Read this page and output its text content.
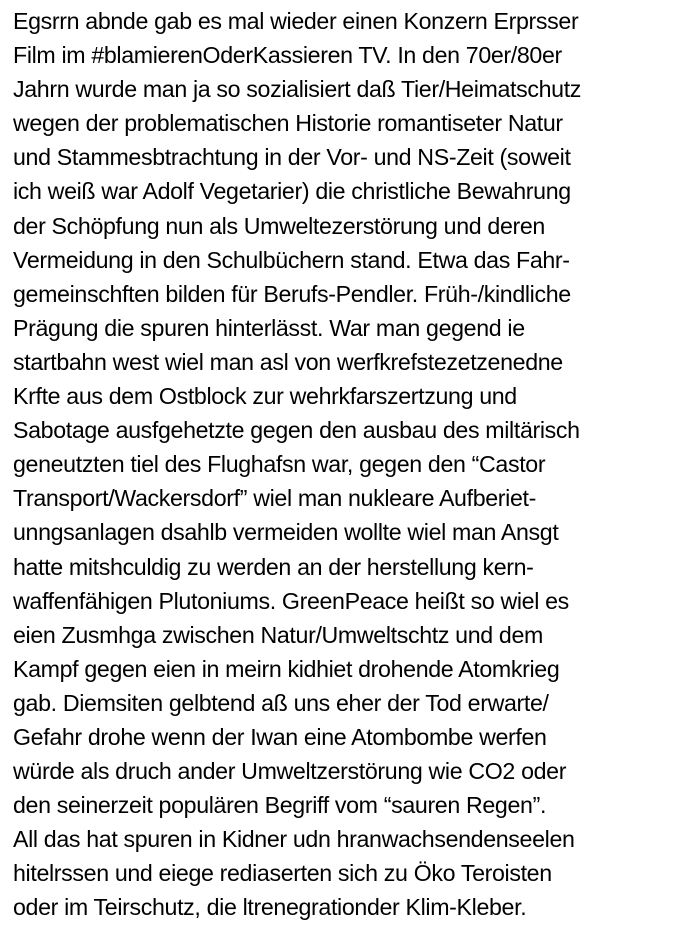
Egsrrn abnde gab es mal wieder einen Konzern Erprsser
Film im #blamierenOderKassieren TV. In den 70er/80er
Jahrn wurde man ja so sozialisiert daß Tier/Heimatschutz
wegen der problematischen Historie romantiseter Natur
und Stammesbtrachtung in der Vor- und NS-Zeit (soweit
ich weiß war Adolf Vegetarier) die christliche Bewahrung
der Schöpfung nun als Umweltezerstörung und deren
Vermeidung in den Schulbüchern stand. Etwa das Fahr-
gemeinschften bilden für Berufs-Pendler. Früh-/kindliche
Prägung die spuren hinterlässt. War man gegend ie
startbahn west wiel man asl von werfkrefstezetzenedne
Krfte aus dem Ostblock zur wehrkfarszertzung und
Sabotage ausfgehetzte gegen den ausbau des miltärisch
geneutzten tiel des Flughafsn war, gegen den “Castor
Transport/Wackersdorf” wiel man nukleare Aufberiet-
unngsanlagen dsahlb vermeiden wollte wiel man Ansgt
hatte mitshculdig zu werden an der herstellung kern-
waffenfähigen Plutoniums. GreenPeace heißt so wiel es
eien Zusmhga zwischen Natur/Umweltschtz und dem
Kampf gegen eien in meirn kidhiet drohende Atomkrieg
gab. Diemsiten gelbtend aß uns eher der Tod erwarte/
Gefahr drohe wenn der Iwan eine Atombombe werfen
würde als druch ander Umweltzerstörung wie CO2 oder
den seinerzeit populären Begriff vom “sauren Regen”.
All das hat spuren in Kidner udn hranwachsendenseelen
hitelrssen und eiege rediaserten sich zu Öko Teroisten
oder im Teirschutz, die ltrenegrationder Klim-Kleber.
